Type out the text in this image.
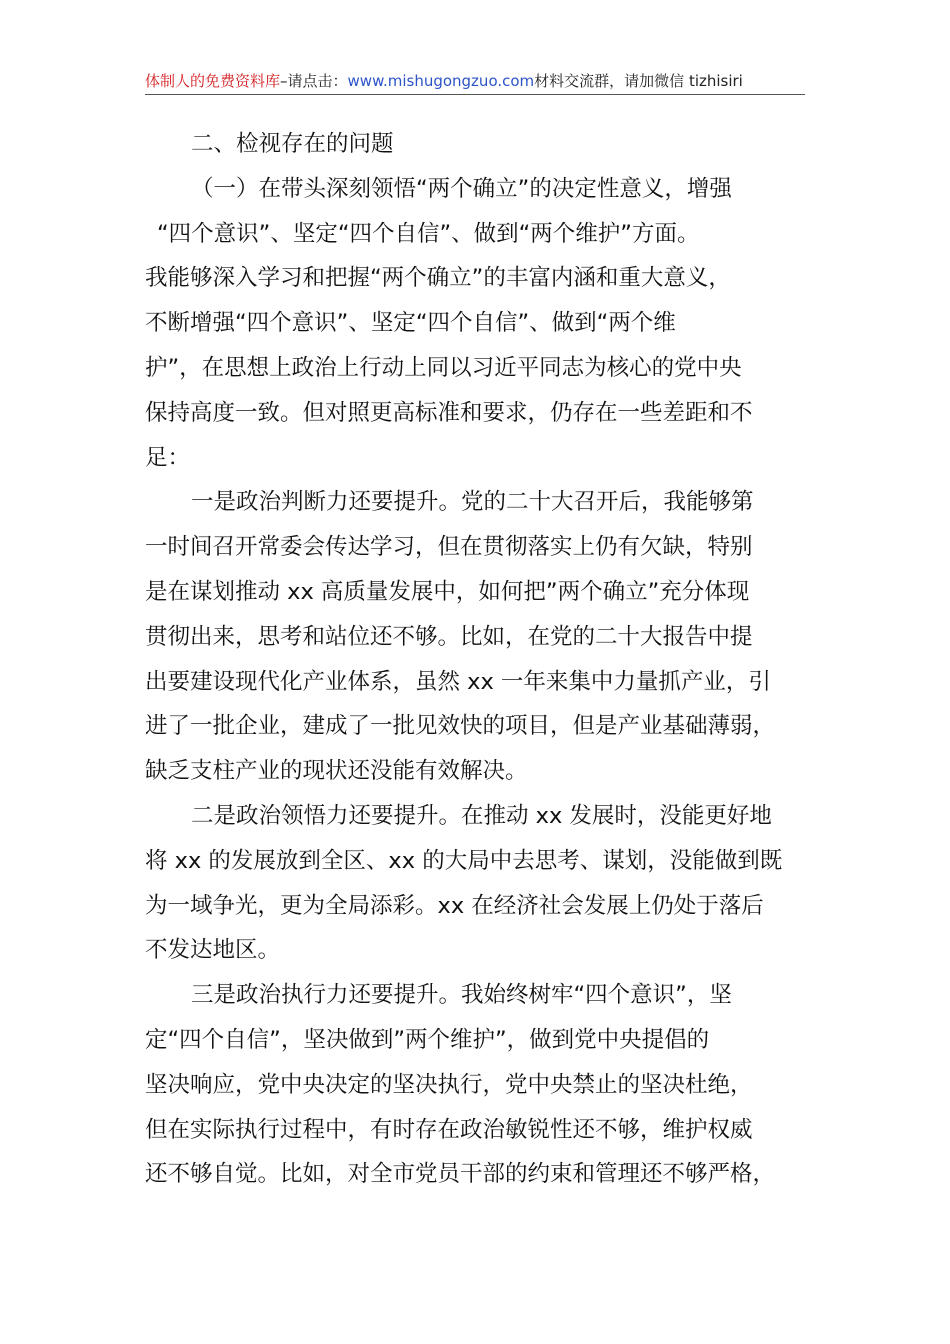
体制人的免费资料库–请点击：www.mishugongzuo.com材料交流群，请加微信 tizhisiri
二、检视存在的问题
（一）在带头深刻领悟“两个确立”的决定性意义，增强
“四个意识”、坚定“四个自信”、做到“两个维护”方面。
我能够深入学习和把握“两个确立”的丰富内涵和重大意义，
不断增强“四个意识”、坚定“四个自信”、做到“两个维
护”，在思想上政治上行动上同以习近平同志为核心的党中央
保持高度一致。但对照更高标准和要求，仍存在一些差距和不
足：
一是政治判断力还要提升。党的二十大召开后，我能够第
一时间召开常委会传达学习，但在贯彻落实上仍有欠缺，特别
是在谋划推动 xx 高质量发展中，如何把”两个确立”充分体现
贯彻出来，思考和站位还不够。比如，在党的二十大报告中提
出要建设现代化产业体系，虽然 xx 一年来集中力量抓产业，引
进了一批企业，建成了一批见效快的项目，但是产业基础薄弱，
缺乏支柱产业的现状还没能有效解决。
二是政治领悟力还要提升。在推动 xx 发展时，没能更好地
将 xx 的发展放到全区、xx 的大局中去思考、谋划，没能做到既
为一域争光，更为全局添彩。xx 在经济社会发展上仍处于落后
不发达地区。
三是政治执行力还要提升。我始终树牢“四个意识”，坚
定“四个自信”，坚决做到”两个维护”，做到党中央提倡的
坚决响应，党中央决定的坚决执行，党中央禁止的坚决杜绝，
但在实际执行过程中，有时存在政治敏锐性还不够，维护权威
还不够自觉。比如，对全市党员干部的约束和管理还不够严格，
